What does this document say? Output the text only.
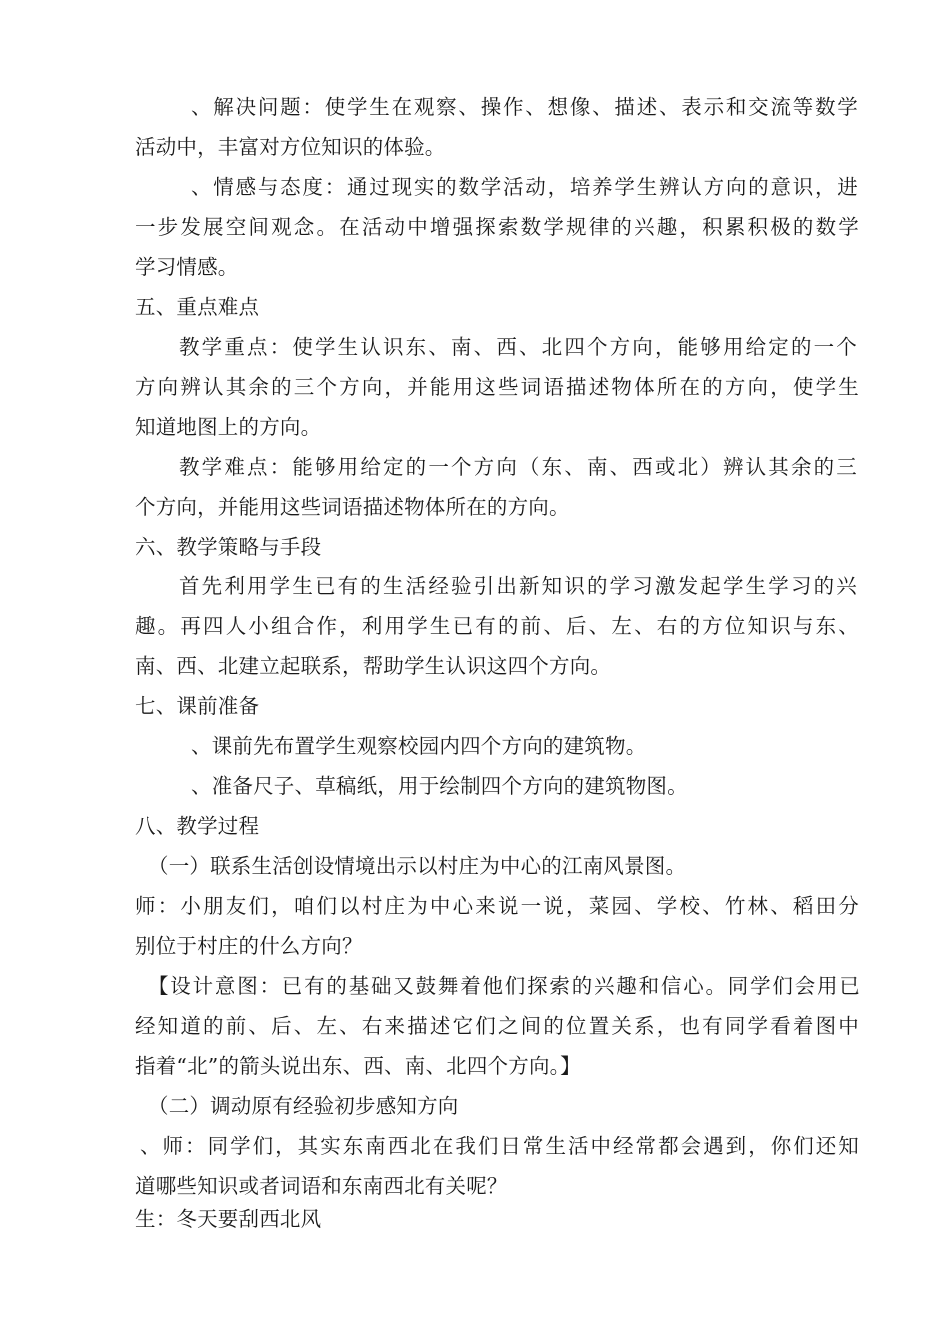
、解决问题：使学生在观察、操作、想像、描述、表示和交流等数学
活动中，丰富对方位知识的体验。
、情感与态度：通过现实的数学活动，培养学生辨认方向的意识，进
一步发展空间观念。在活动中增强探索数学规律的兴趣，积累积极的数学
学习情感。
五、重点难点
教学重点：使学生认识东、南、西、北四个方向，能够用给定的一个
方向辨认其余的三个方向，并能用这些词语描述物体所在的方向，使学生
知道地图上的方向。
教学难点：能够用给定的一个方向（东、南、西或北）辨认其余的三
个方向，并能用这些词语描述物体所在的方向。
六、教学策略与手段
首先利用学生已有的生活经验引出新知识的学习激发起学生学习的兴
趣。再四人小组合作，利用学生已有的前、后、左、右的方位知识与东、
南、西、北建立起联系，帮助学生认识这四个方向。
七、课前准备
、课前先布置学生观察校园内四个方向的建筑物。
、准备尺子、草稿纸，用于绘制四个方向的建筑物图。
八、教学过程
（一）联系生活创设情境出示以村庄为中心的江南风景图。
师：小朋友们，咱们以村庄为中心来说一说，菜园、学校、竹林、稻田分
别位于村庄的什么方向？
【设计意图：已有的基础又鼓舞着他们探索的兴趣和信心。同学们会用已
经知道的前、后、左、右来描述它们之间的位置关系，也有同学看着图中
指着“北”的箭头说出东、西、南、北四个方向。】
（二）调动原有经验初步感知方向
、师：同学们，其实东南西北在我们日常生活中经常都会遇到，你们还知
道哪些知识或者词语和东南西北有关呢？
生：冬天要刮西北风
